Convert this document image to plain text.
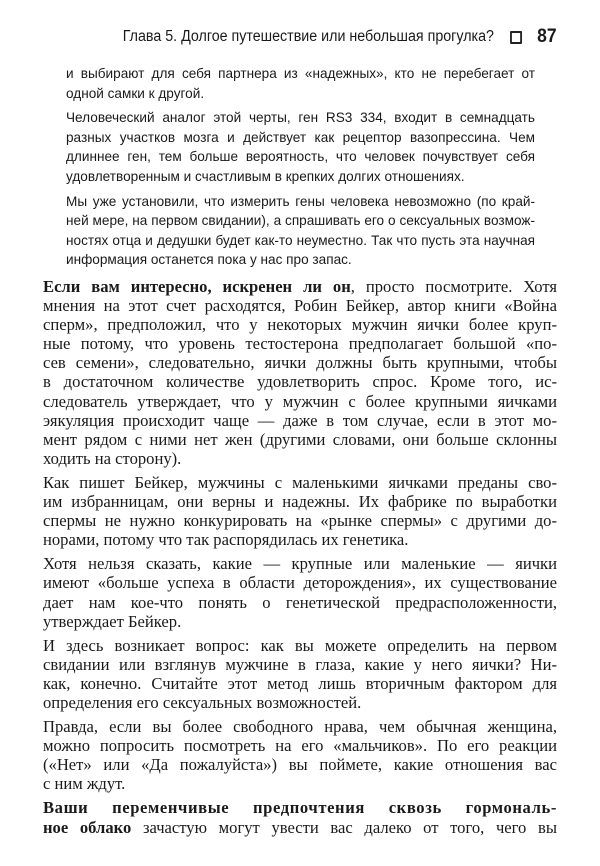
Глава 5. Долгое путешествие или небольшая прогулка? 87
и выбирают для себя партнера из «надежных», кто не перебегает от
одной самки к другой.
Человеческий аналог этой черты, ген RS3 334, входит в семнадцать
разных участков мозга и действует как рецептор вазопрессина. Чем
длиннее ген, тем больше вероятность, что человек почувствует себя
удовлетворенным и счастливым в крепких долгих отношениях.
Мы уже установили, что измерить гены человека невозможно (по край-
ней мере, на первом свидании), а спрашивать его о сексуальных возмож-
ностях отца и дедушки будет как-то неуместно. Так что пусть эта научная
информация останется пока у нас про запас.
Если вам интересно, искренен ли он, просто посмотрите. Хотя
мнения на этот счет расходятся, Робин Бейкер, автор книги «Война
сперм», предположил, что у некоторых мужчин яички более круп-
ные потому, что уровень тестостерона предполагает большой «по-
сев семени», следовательно, яички должны быть крупными, чтобы
в достаточном количестве удовлетворить спрос. Кроме того, ис-
следователь утверждает, что у мужчин с более крупными яичками
эякуляция происходит чаще — даже в том случае, если в этот мо-
мент рядом с ними нет жен (другими словами, они больше склонны
ходить на сторону).
Как пишет Бейкер, мужчины с маленькими яичками преданы сво-
им избранницам, они верны и надежны. Их фабрике по выработки
спермы не нужно конкурировать на «рынке спермы» с другими до-
норами, потому что так распорядилась их генетика.
Хотя нельзя сказать, какие — крупные или маленькие — яички
имеют «больше успеха в области деторождения», их существование
дает нам кое-что понять о генетической предрасположенности,
утверждает Бейкер.
И здесь возникает вопрос: как вы можете определить на первом
свидании или взглянув мужчине в глаза, какие у него яички? Ни-
как, конечно. Считайте этот метод лишь вторичным фактором для
определения его сексуальных возможностей.
Правда, если вы более свободного нрава, чем обычная женщина,
можно попросить посмотреть на его «мальчиков». По его реакции
(«Нет» или «Да пожалуйста») вы поймете, какие отношения вас
с ним ждут.
Ваши переменчивые предпочтения сквозь гормональ-
ное облако зачастую могут увести вас далеко от того, чего вы
